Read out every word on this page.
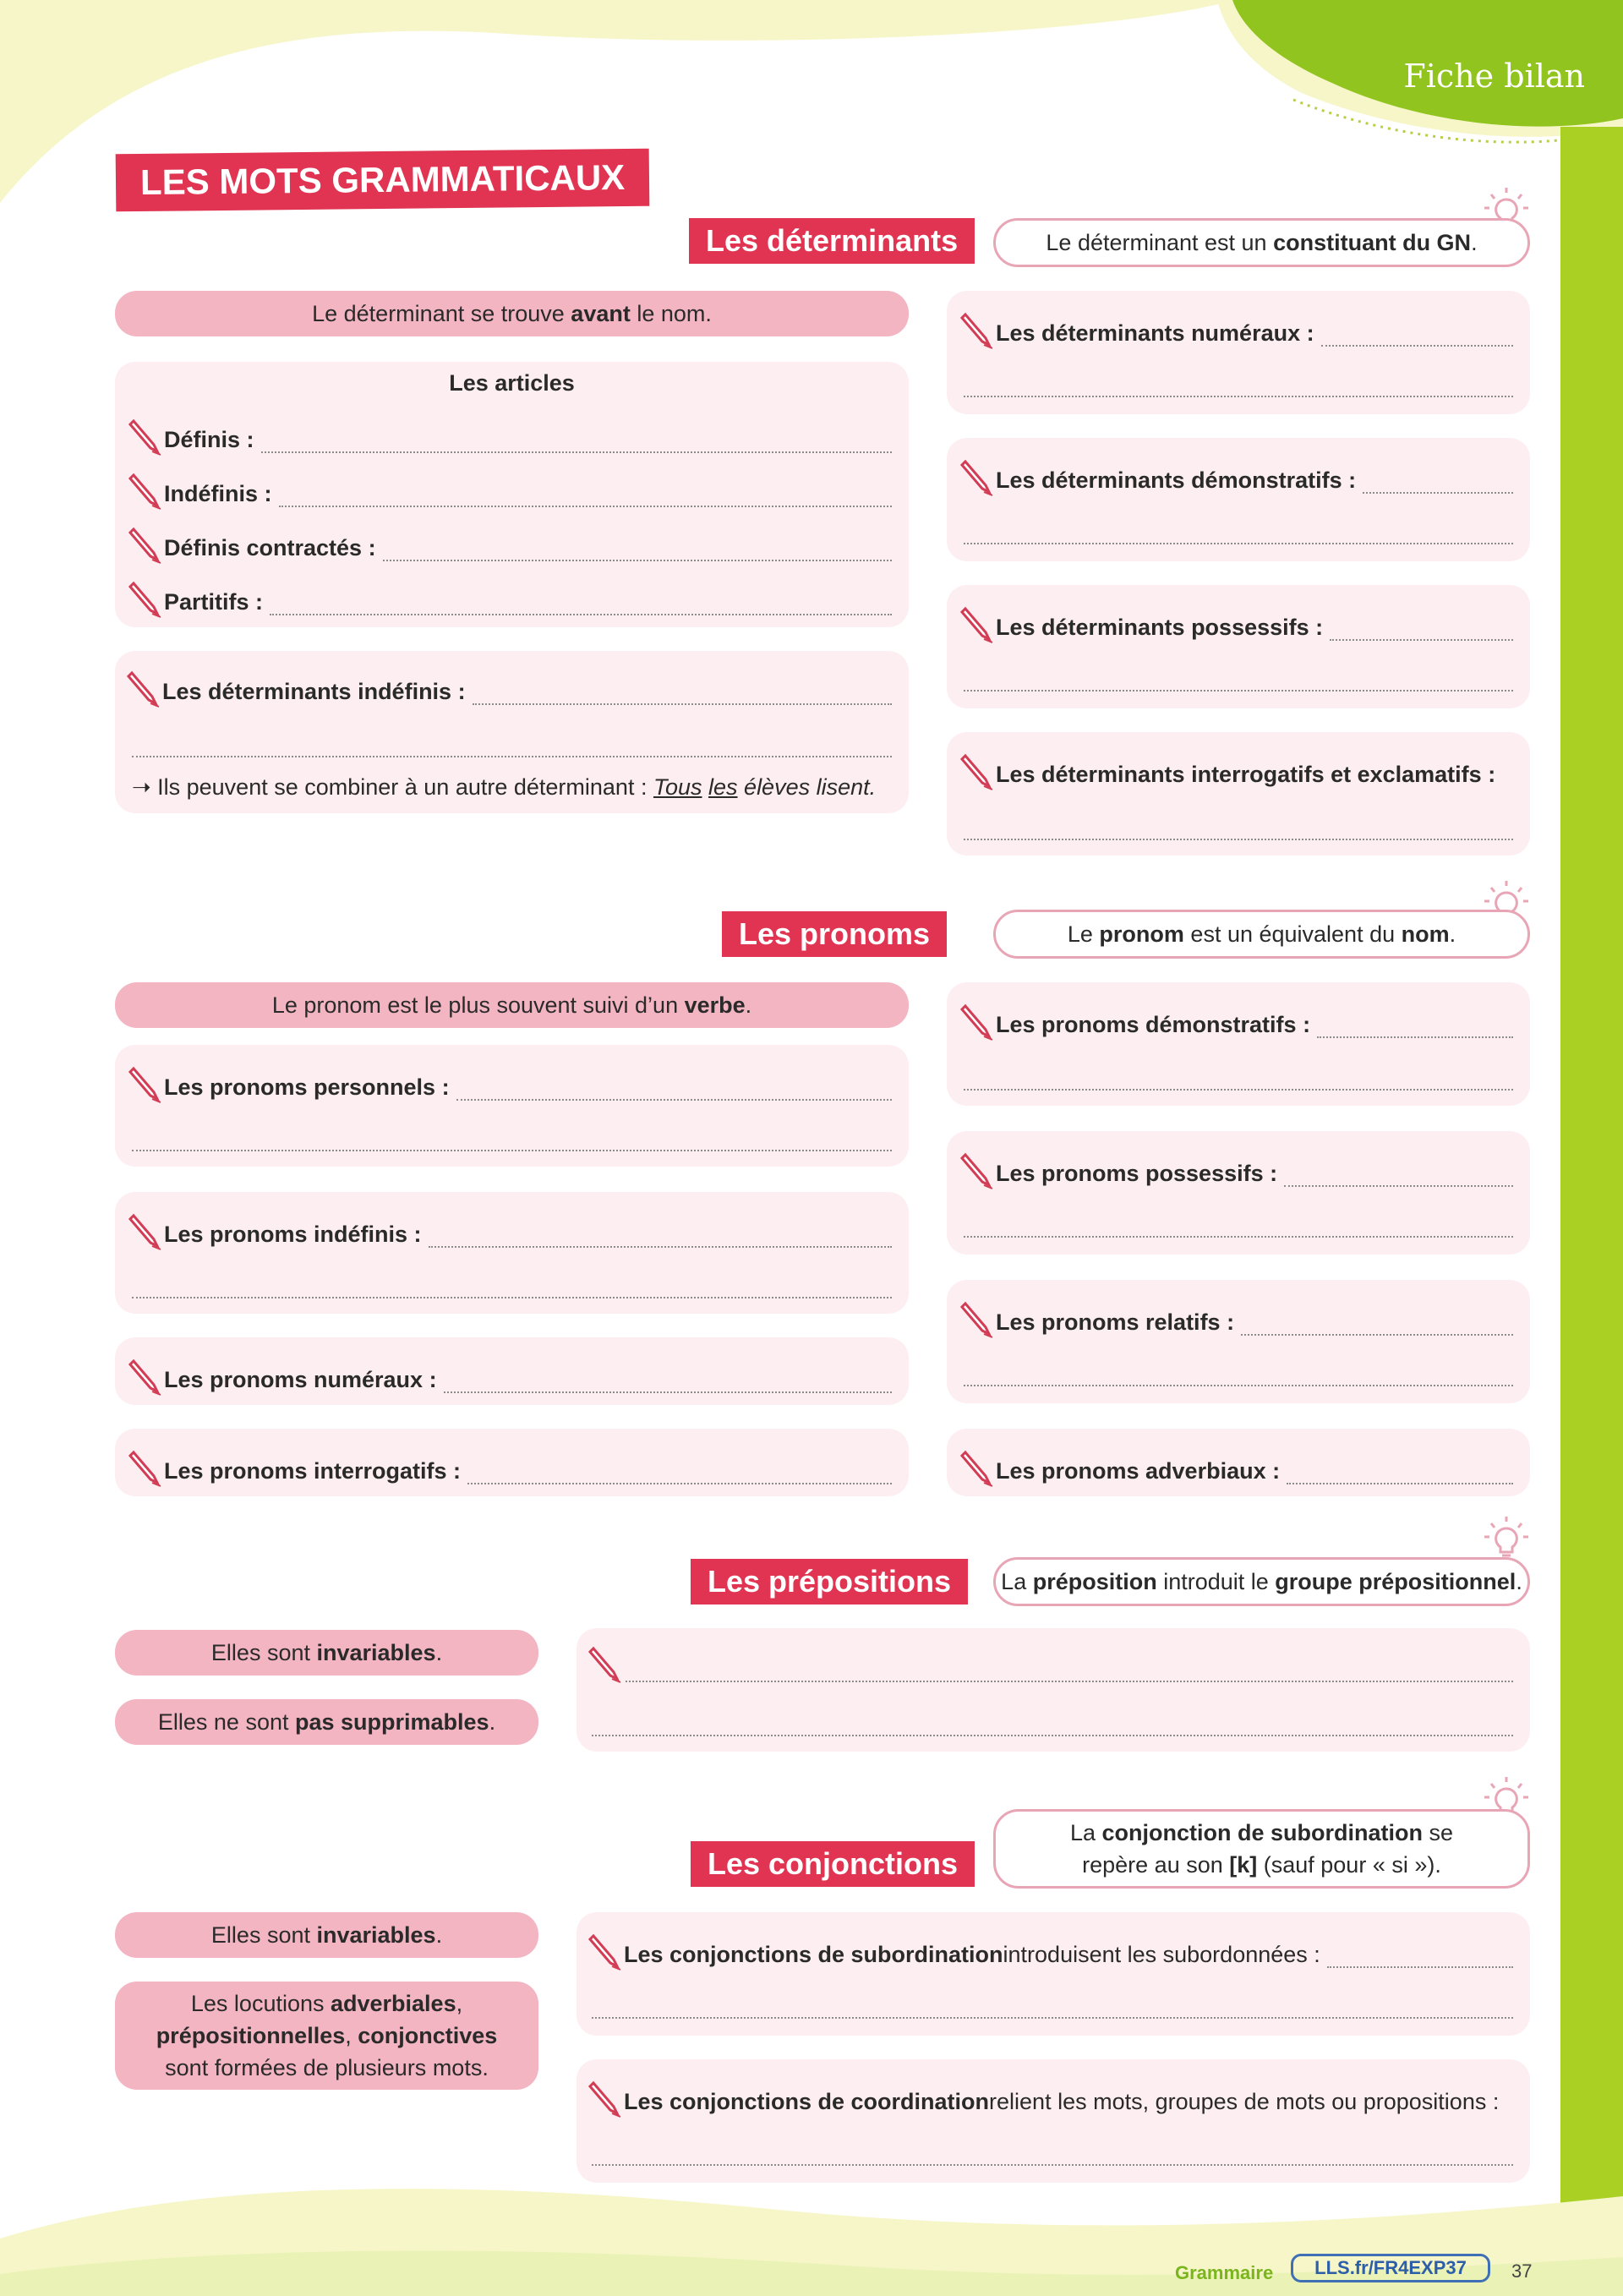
Fiche bilan
LES MOTS GRAMMATICAUX
Les déterminants	Le déterminant est un constituant du GN.
Le déterminant se trouve avant le nom.
Les articles
Définis :
Indéfinis :
Définis contractés :
Partitifs :
Les déterminants indéfinis :
➝ Ils peuvent se combiner à un autre déterminant : Tous les élèves lisent.
Les déterminants numéraux :
Les déterminants démonstratifs :
Les déterminants possessifs :
Les déterminants interrogatifs et exclamatifs :
Les pronoms	Le pronom est un équivalent du nom.
Le pronom est le plus souvent suivi d’un verbe.
Les pronoms personnels :
Les pronoms indéfinis :
Les pronoms numéraux :
Les pronoms interrogatifs :
Les pronoms démonstratifs :
Les pronoms possessifs :
Les pronoms relatifs :
Les pronoms adverbiaux :
Les prépositions	La préposition introduit le groupe prépositionnel.
Elles sont invariables.
Elles ne sont pas supprimables.
Les conjonctions
La conjonction de subordination se repère au son [k] (sauf pour « si »).
Elles sont invariables.
Les locutions adverbiales, prépositionnelles, conjonctives sont formées de plusieurs mots.
Les conjonctions de subordination introduisent les subordonnées :
Les conjonctions de coordination relient les mots, groupes de mots ou propositions :
Grammaire	LLS.fr/FR4EXP37	37
